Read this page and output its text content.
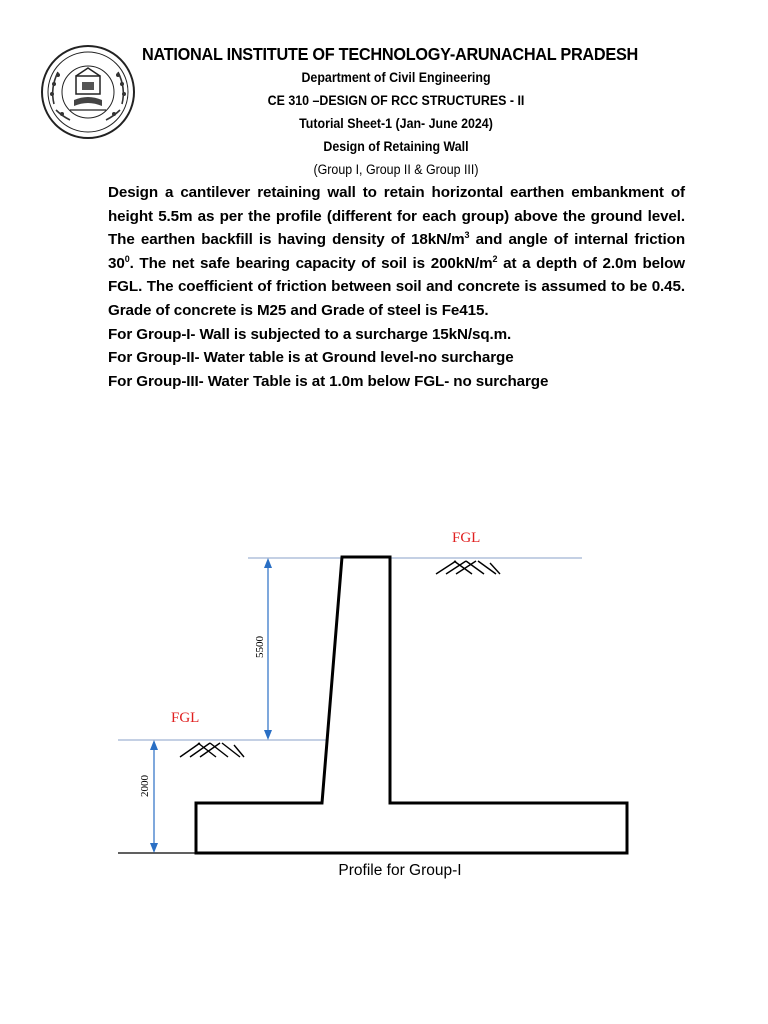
NATIONAL INSTITUTE OF TECHNOLOGY-ARUNACHAL PRADESH
Department of Civil Engineering
CE 310 –DESIGN OF RCC STRUCTURES - II
Tutorial Sheet-1 (Jan- June 2024)
Design of Retaining Wall
(Group I, Group II & Group III)
Design a cantilever retaining wall to retain horizontal earthen embankment of height 5.5m as per the profile (different for each group) above the ground level. The earthen backfill is having density of $18kN/m^3$ and angle of internal friction $30^0$. The net safe bearing capacity of soil is $200kN/m^2$ at a depth of 2.0m below FGL. The coefficient of friction between soil and concrete is assumed to be 0.45. Grade of concrete is M25 and Grade of steel is Fe415.
For Group-I- Wall is subjected to a surcharge 15kN/sq.m.
For Group-II- Water table is at Ground level-no surcharge
For Group-III- Water Table is at 1.0m below FGL- no surcharge
5500
2000
FGL
FGL
Profile for Group-I
